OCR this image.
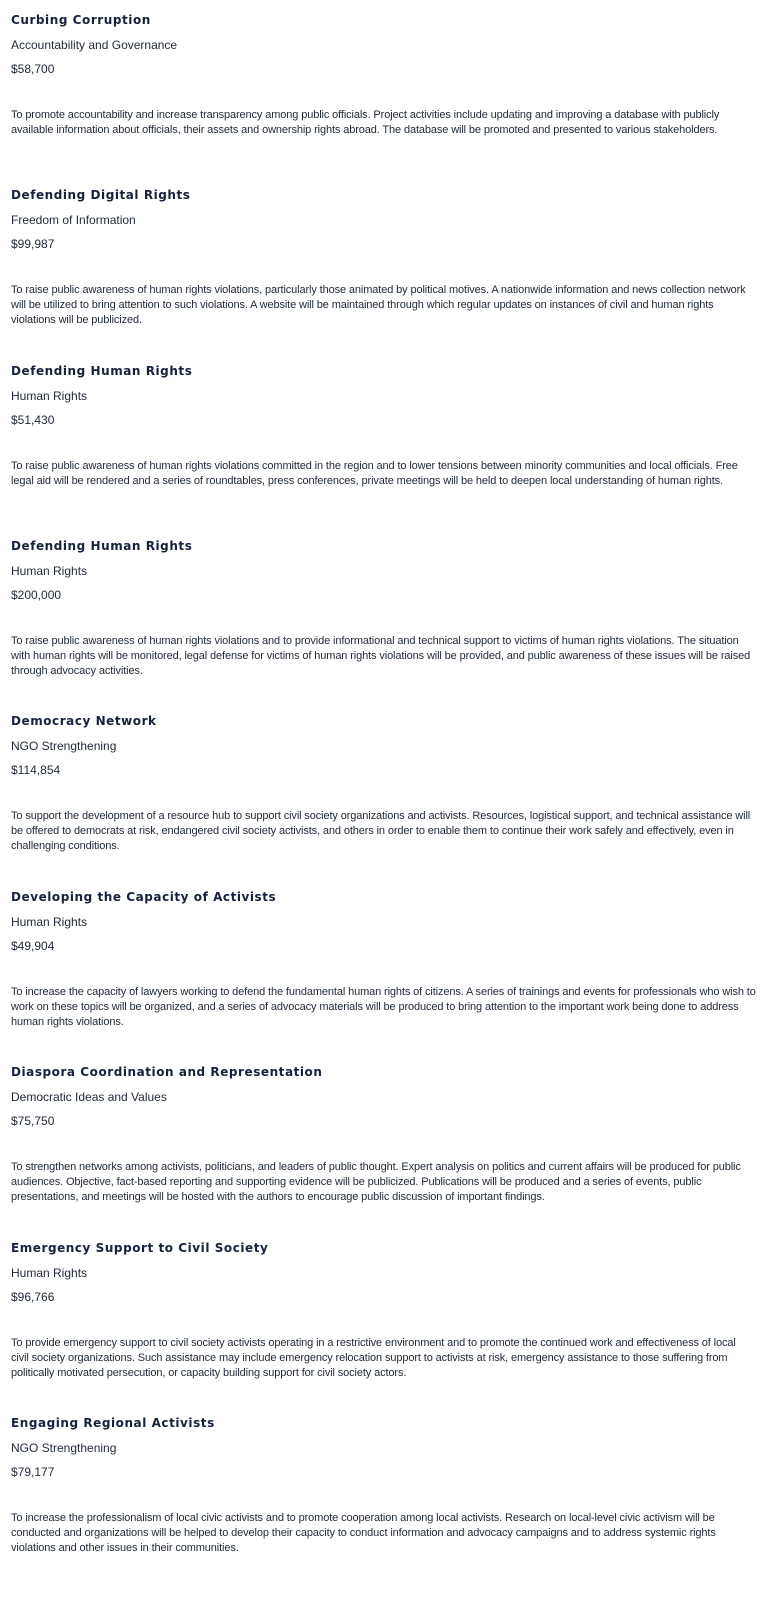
Curbing Corruption
Accountability and Governance
$58,700

To promote accountability and increase transparency among public officials. Project activities include updating and improving a database with publicly available information about officials, their assets and ownership rights abroad. The database will be promoted and presented to various stakeholders.

Defending Digital Rights
Freedom of Information
$99,987

To raise public awareness of human rights violations, particularly those animated by political motives. A nationwide information and news collection network will be utilized to bring attention to such violations. A website will be maintained through which regular updates on instances of civil and human rights violations will be publicized.

Defending Human Rights
Human Rights
$51,430

To raise public awareness of human rights violations committed in the region and to lower tensions between minority communities and local officials. Free legal aid will be rendered and a series of roundtables, press conferences, private meetings will be held to deepen local understanding of human rights.

Defending Human Rights
Human Rights
$200,000

To raise public awareness of human rights violations and to provide informational and technical support to victims of human rights violations. The situation with human rights will be monitored, legal defense for victims of human rights violations will be provided, and public awareness of these issues will be raised through advocacy activities.

Democracy Network
NGO Strengthening
$114,854

To support the development of a resource hub to support civil society organizations and activists. Resources, logistical support, and technical assistance will be offered to democrats at risk, endangered civil society activists, and others in order to enable them to continue their work safely and effectively, even in challenging conditions.

Developing the Capacity of Activists
Human Rights
$49,904

To increase the capacity of lawyers working to defend the fundamental human rights of citizens. A series of trainings and events for professionals who wish to work on these topics will be organized, and a series of advocacy materials will be produced to bring attention to the important work being done to address human rights violations.

Diaspora Coordination and Representation
Democratic Ideas and Values
$75,750

To strengthen networks among activists, politicians, and leaders of public thought. Expert analysis on politics and current affairs will be produced for public audiences. Objective, fact-based reporting and supporting evidence will be publicized. Publications will be produced and a series of events, public presentations, and meetings will be hosted with the authors to encourage public discussion of important findings.

Emergency Support to Civil Society
Human Rights
$96,766

To provide emergency support to civil society activists operating in a restrictive environment and to promote the continued work and effectiveness of local civil society organizations. Such assistance may include emergency relocation support to activists at risk, emergency assistance to those suffering from politically motivated persecution, or capacity building support for civil society actors.

Engaging Regional Activists
NGO Strengthening
$79,177

To increase the professionalism of local civic activists and to promote cooperation among local activists. Research on local-level civic activism will be conducted and organizations will be helped to develop their capacity to conduct information and advocacy campaigns and to address systemic rights violations and other issues in their communities.
